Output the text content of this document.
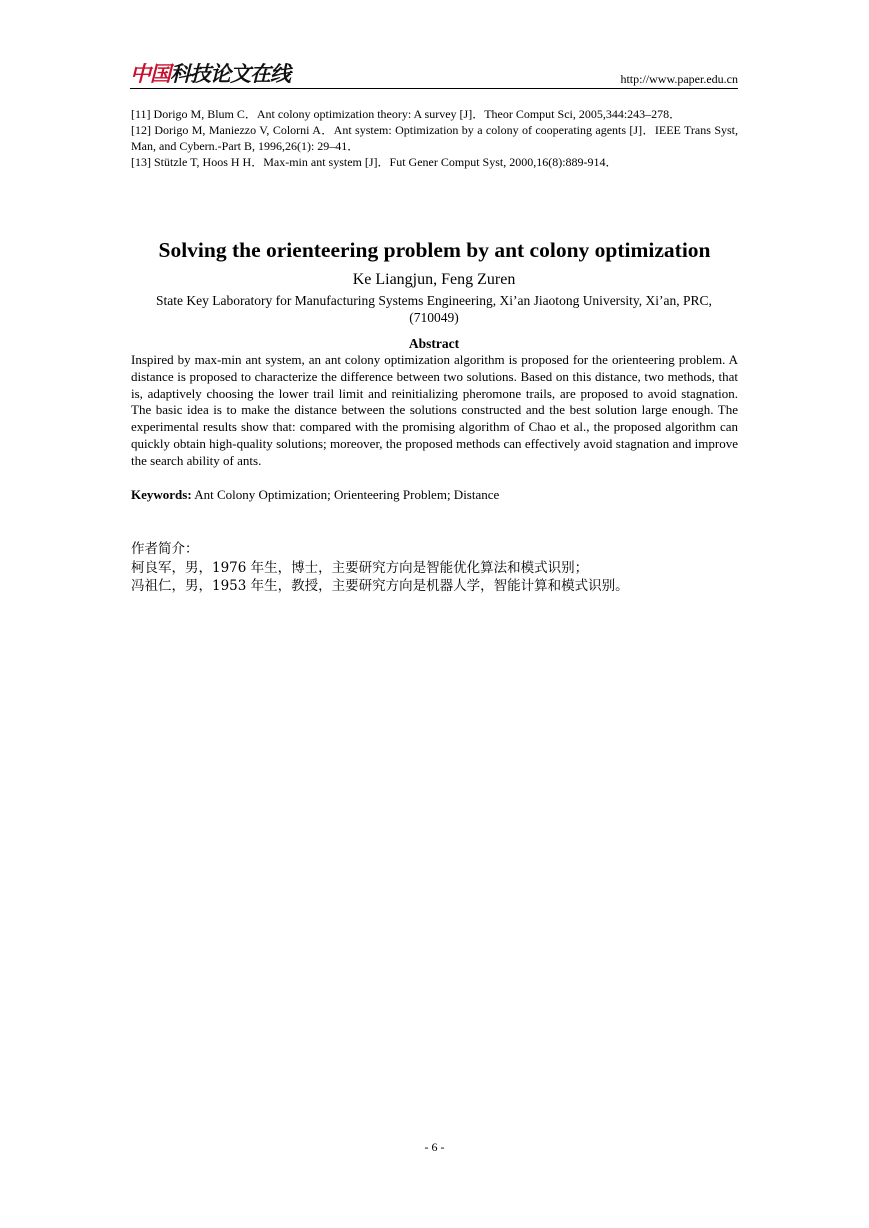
中国 科技论文在线	http://www.paper.edu.cn

[11] Dorigo M, Blum C．Ant colony optimization theory: A survey [J]．Theor Comput Sci, 2005,344:243–278．

[12] Dorigo M, Maniezzo V, Colorni A．Ant system: Optimization by a colony of cooperating agents [J]．IEEE Trans Syst, Man, and Cybern.-Part B, 1996,26(1): 29–41．

[13] Stützle T, Hoos H H．Max-min ant system [J]．Fut Gener Comput Syst, 2000,16(8):889-914．

Solving the orienteering problem by ant colony optimization
Ke Liangjun, Feng Zuren
State Key Laboratory for Manufacturing Systems Engineering, Xi’an Jiaotong University, Xi’an, PRC, (710049)
Abstract

Inspired by max-min ant system, an ant colony optimization algorithm is proposed for the orienteering problem. A distance is proposed to characterize the difference between two solutions. Based on this distance, two methods, that is, adaptively choosing the lower trail limit and reinitializing pheromone trails, are proposed to avoid stagnation. The basic idea is to make the distance between the solutions constructed and the best solution large enough. The experimental results show that: compared with the promising algorithm of Chao et al., the proposed algorithm can quickly obtain high-quality solutions; moreover, the proposed methods can effectively avoid stagnation and improve the search ability of ants.

Keywords: Ant Colony Optimization; Orienteering Problem; Distance

作者简介：

柯良军，男，1976 年生，博士，主要研究方向是智能优化算法和模式识别；

冯祖仁，男，1953 年生，教授，主要研究方向是机器人学，智能计算和模式识别。

- 6 -
